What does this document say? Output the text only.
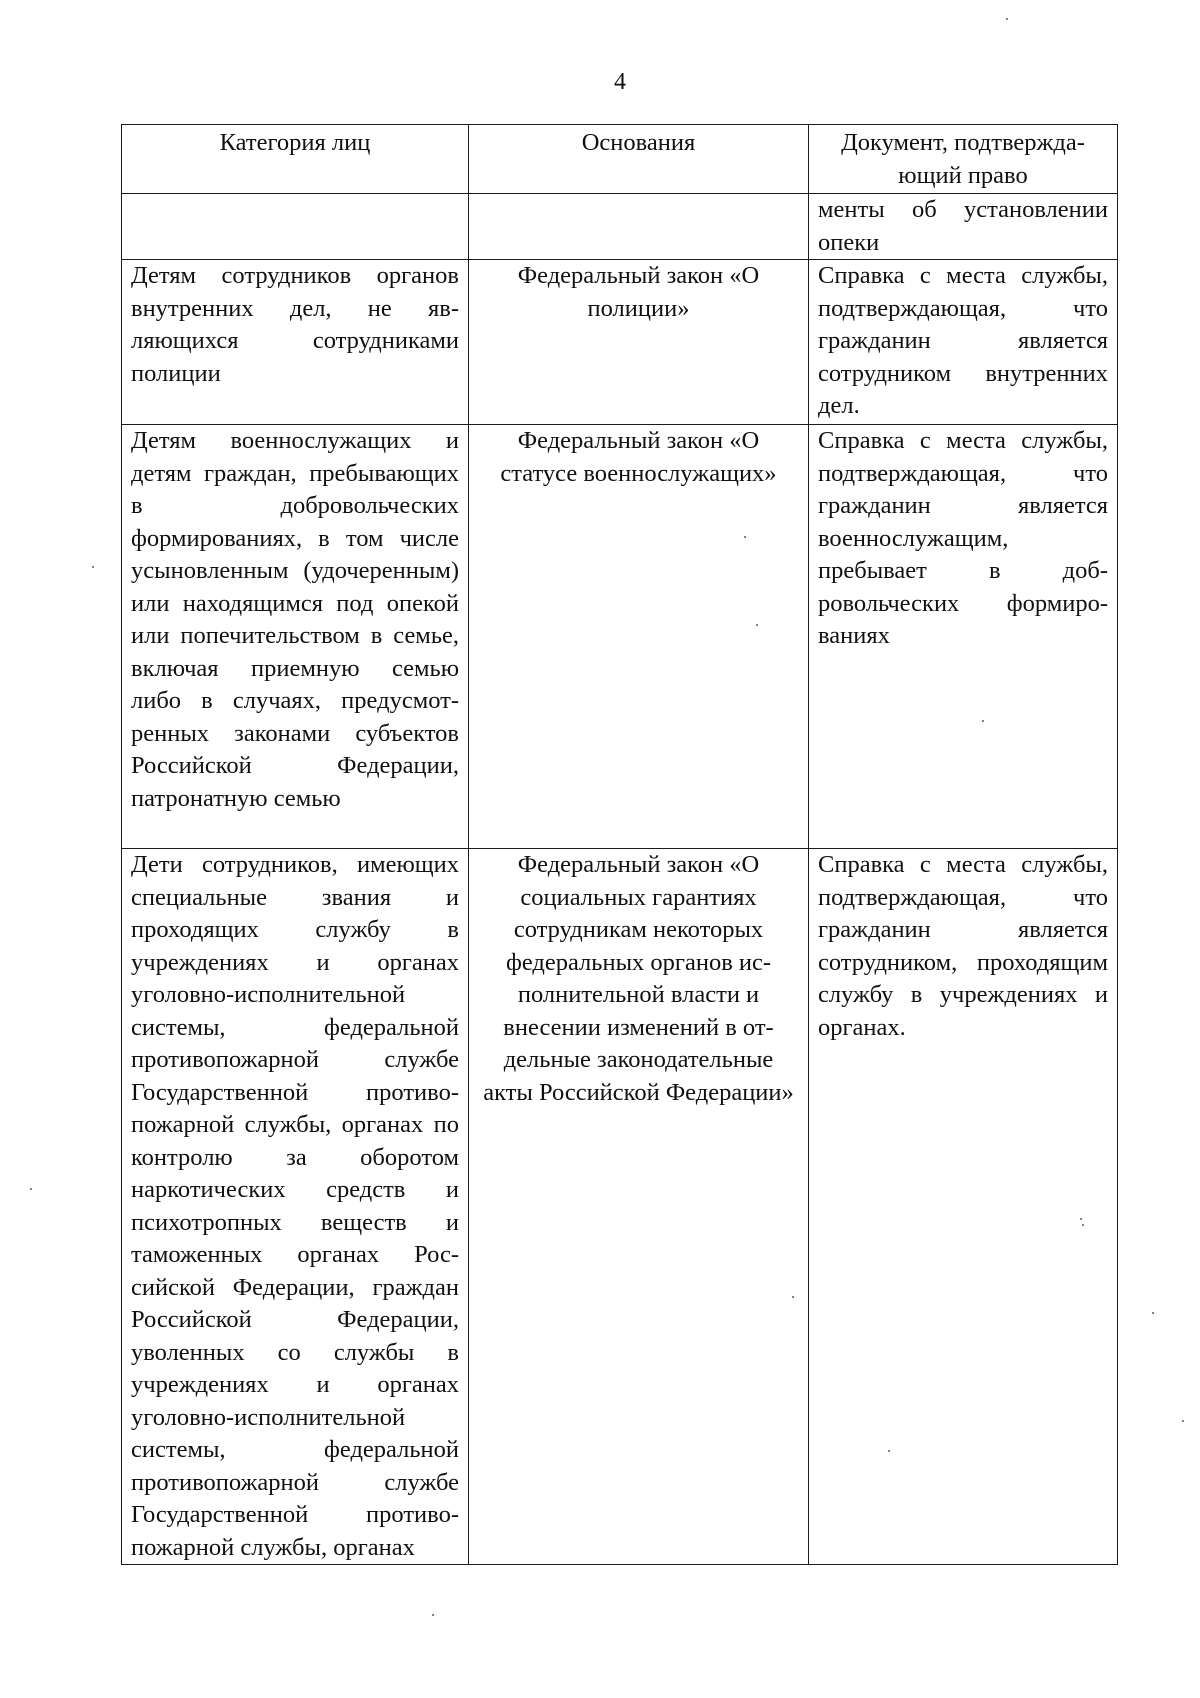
4
Категория лиц	Основания	Документ, подтверждающий право

		менты об установлении опеки

Детям сотрудников органов внутренних дел, не являющихся сотрудниками полиции	Федеральный закон «О полиции»	Справка с места службы, подтверждающая, что гражданин является сотрудником внутренних дел.

Детям военнослужащих и детям граждан, пребывающих в добровольческих формированиях, в том числе усыновленным (удочеренным) или находящимся под опекой или попечительством в семье, включая приемную семью либо в случаях, предусмотренных законами субъектов Российской Федерации, патронатную семью	Федеральный закон «О статусе военнослужащих»	Справка с места службы, подтверждающая, что гражданин является военнослужащим, пребывает в добровольческих формированиях

Дети сотрудников, имеющих специальные звания и проходящих службу в учреждениях и органах уголовно-исполнительной системы, федеральной противопожарной службе Государственной противопожарной службы, органах по контролю за оборотом наркотических средств и психотропных веществ и таможенных органах Российской Федерации, граждан Российской Федерации, уволенных со службы в учреждениях и органах уголовно-исполнительной системы, федеральной противопожарной службе Государственной противопожарной службы, органах	Федеральный закон «О социальных гарантиях сотрудникам некоторых федеральных органов исполнительной власти и внесении изменений в отдельные законодательные акты Российской Федерации»	Справка с места службы, подтверждающая, что гражданин является сотрудником, проходящим службу в учреждениях и органах.
